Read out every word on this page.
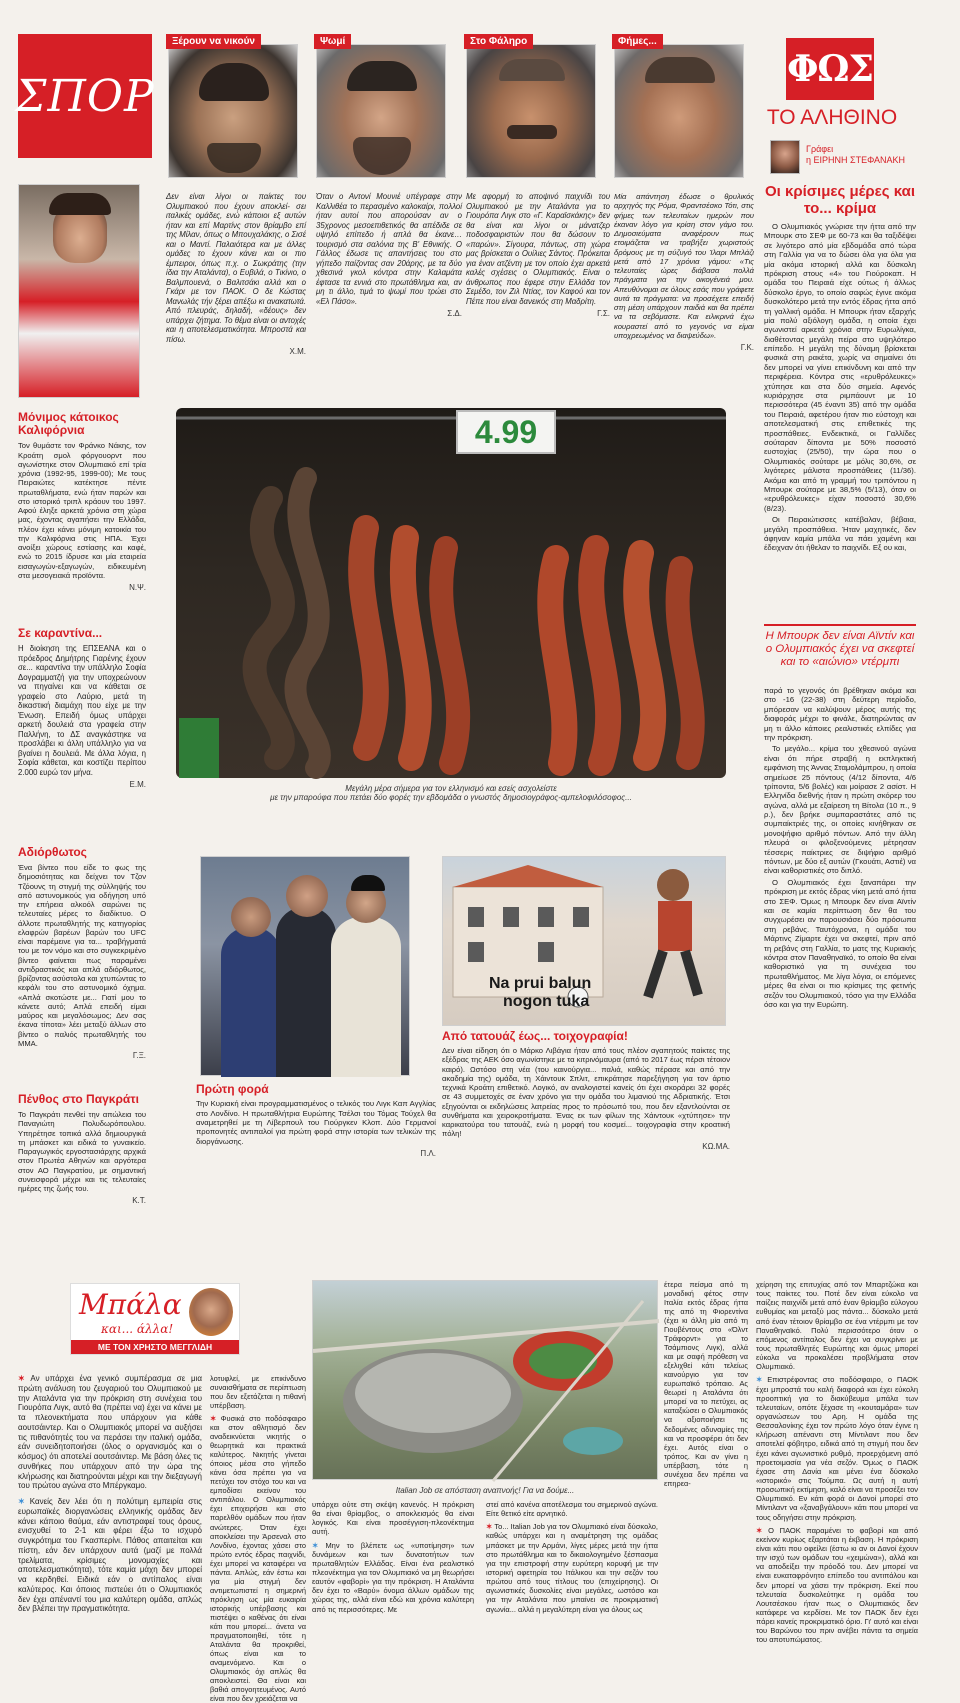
ΣΠΟΡ
Ξέρουν να νικούν	Ψωμί	Στο Φάληρο	Φήμες...
ΦΩΣ
ΤΟ ΑΛΗΘΙΝΟ
Γράφει
η ΕΙΡΗΝΗ ΣΤΕΦΑΝΑΚΗ
Μόνιμος κάτοικος Καλιφόρνια
Τον θυμάστε τον Φράνκο Νάκης, τον Κροάτη σμολ φόργουορντ που αγωνίστηκε στον Ολυμπιακό επί τρία χρόνια (1992-95, 1999-00); Με τους Πειραιώτες κατέκτησε πέντε πρωταθλήματα, ενώ ήταν παρών και στο ιστορικό τριπλ κράουν του 1997. Αφού έληξε αρκετά χρόνια στη χώρα μας, έχοντας αγαπήσει την Ελλάδα, πλέον έχει κάνει μόνιμη κατοικία του την Καλιφόρνια στις ΗΠΑ. Έχει ανοίξει χώρους εστίασης και καφέ, ενώ το 2015 ίδρυσε και μία εταιρεία εισαγωγών-εξαγωγών, ειδικευμένη στα μεσογειακά προϊόντα.
Ν.Ψ.
Σε καραντίνα...
Η διοίκηση της ΕΠΣΕΑΝΑ και ο πρόεδρος Δημήτρης Γιαρένης έχουν σε... καραντίνα την υπάλληλο Σοφία Δογραμματζή για την υποχρεώνουν να πηγαίνει και να κάθεται σε γραφείο στο Λαύριο, μετά τη δικαστική διαμάχη που είχε με την Ένωση. Επειδή όμως υπάρχει αρκετή δουλειά στα γραφεία στην Παλλήνη, το ΔΣ αναγκάστηκε να προσλάβει κι άλλη υπάλληλο για να βγαίνει η δουλειά. Με άλλα λόγια, η Σοφία κάθεται, και κοστίζει περίπου 2.000 ευρώ τον μήνα.
Ε.Μ.
Αδιόρθωτος
Ένα βίντεο που είδε το φως της δημοσιότητας και δείχνει τον Τζον Τζόουνς τη στιγμή της σύλληψής του από αστυνομικούς για οδήγηση υπό την επήρεια αλκοόλ σαρώνει τις τελευταίες μέρες το διαδίκτυο. Ο άλλοτε πρωταθλητής της κατηγορίας ελαφρών βαρέων βαρών του UFC είναι παρέμεινε για τα... τραβήγματά του με τον νόμο και στο συγκεκριμένο βίντεο φαίνεται πως παραμένει αντιδραστικός και απλά αδιόρθωτος, βρίζοντας ασύστολα και χτυπώντας το κεφάλι του στο αστυνομικό όχημα. «Απλά σκοτώστε με... Γιατί μου το κάνετε αυτό; Απλά επειδή είμαι μαύρος και μεγαλόσωμος; Δεν σας έκανα τίποτα» λέει μεταξύ άλλων στο βίντεο ο παλιός πρωταθλητής του ΜΜΑ.
Γ.Ξ.
Πένθος στο Παγκράτι
Το Παγκράτι πενθεί την απώλεια του Παναγιώτη Πολυδωρόπουλου. Υπηρέτησε τοπικά αλλά δημιουργικά τη μπάσκετ και ειδικά το γυναικείο. Παραγωγικός εργοστασιάρχης αρχικά στον Πρωτέα Αθηνών και αργότερα στον ΑΟ Παγκρατίου, με σημαντική συνεισφορά μέχρι και τις τελευταίες ημέρες της ζωής του.
Κ.Τ.
Δεν είναι λίγοι οι παίκτες του Ολυμπιακού που έχουν αποκλεί- σει ιταλικές ομάδες, ενώ κάποιοι εξ αυτών ήταν και επί Μαρτίνς στον θρίαμβο επί της Μίλαν, όπως ο Μπουχαλάκης, ο Σισέ και ο Μαντί. Παλαιότερα και με άλλες ομάδες το έχουν κάνει και οι πιο έμπειροι, όπως π.χ. ο Σωκράτης (την ίδια την Αταλάντα), ο Ευβιλά, ο Τικίνιο, ο Βαλμπουενά, ο Βαλιτσάκι αλλά και ο Γκάρι με τον ΠΑΟΚ. Ο δε Κώστας Μανωλάς τήν ξέρει απέξω κι ανακατωτά. Από πλευράς, δηλαδή, «δέους» δεν υπάρχει ζήτημα. Το θέμα είναι οι αντοχές και η αποτελεσματικότητα. Μπροστά και πίσω.
Χ.Μ.
Όταν ο Αντονί Μουνιέ υπέγραφε στην Καλλιθέα το περασμένο καλοκαίρι, πολλοί ήταν αυτοί που απορούσαν αν ο 35χρονος μεσοεπιθετικός θα απέδιδε σε υψηλό επίπεδο ή απλά θα έκανε… τουρισμό στα σαλόνια της Β' Εθνικής. Ο Γάλλος έδωσε τις απαντήσεις του στο γήπεδο παίζοντας σαν 20άρης, με τα δύο χθεσινά γκολ κόντρα στην Καλαμάτα έφτασε τα εννιά στο πρωτάθλημα και, αν μη τι άλλο, τιμά το ψωμί που τρώει στο «Ελ Πάσο».
Σ.Δ.
Με αφορμή το αποψινό παιχνίδι του Ολυμπιακού με την Αταλάντα για το Γιουρόπα Λιγκ στο «Γ. Καραϊσκάκης» δεν θα είναι και λίγοι οι μάνατζερ ποδοσφαιριστών που θα δώσουν το «παρών». Σίγουρα, πάντως, στη χώρα μας βρίσκεται ο Ουίλιες Σάντος. Πρόκειται για έναν ατζέντη με τον οποίο έχει αρκετά καλές σχέσεις ο Ολυμπιακός. Είναι ο άνθρωπος που έφερε στην Ελλάδα τον Σεμέδο, τον Ζιλ Ντίας, τον Καφού και τον Πέπε που είναι δανεικός στη Μαδρίτη.
Γ.Σ.
Μία απάντηση έδωσε ο θρυλικός αρχηγός της Ρόμα, Φραντσέσκο Τότι, στις φήμες των τελευταίων ημερών που έκαναν λόγο για κρίση στον γάμο του. Δημοσιεύματα αναφέρουν πως ετοιμάζεται να τραβήξει χωριστούς δρόμους με τη σύζυγό του Ίλαρι Μπλάζι μετά από 17 χρόνια γάμου: «Τις τελευταίες ώρες διάβασα πολλά πράγματα για την οικογένειά μου. Απευθύνομαι σε όλους εσάς που γράφετε αυτά τα πράγματα: να προσέχετε επειδή στη μέση υπάρχουν παιδιά και θα πρέπει να τα σεβόμαστε. Και ειλικρινά έχω κουραστεί από το γεγονός να είμαι υποχρεωμένος να διαψεύδω».
Γ.Κ.
4.99
Μεγάλη μέρα σήμερα για τον ελληνισμό και εσείς ασχολείστε
με την μπαρούφα που πετάει δύο φορές την εβδομάδα ο γνωστός δημοσιογράφος-αμπελοφιλόσοφος...
Οι κρίσιμες μέρες και το... κρίμα
Ο Ολυμπιακός γνώρισε την ήττα από την Μπουρκ στο ΣΕΦ με 60-73 και θα ταξιδέψει σε λιγότερο από μία εβδομάδα από τώρα στη Γαλλία για να το δώσει όλα για όλα για μία ακόμα ιστορική αλλά και δύσκολη πρόκριση στους «4» του Γιούροκαπ. Η ομάδα του Πειραιά είχε ούτως ή άλλως δύσκολο έργο, το οποίο σαφώς έγινε ακόμα δυσκολότερο μετά την εντός έδρας ήττα από τη γαλλική ομάδα. Η Μπουρκ ήταν εξαρχής μία πολύ αξιόλογη ομάδα, η οποία έχει αγωνιστεί αρκετά χρόνια στην Ευρωλίγκα, διαθέτοντας μεγάλη πείρα στο υψηλότερο επίπεδο. Η μεγάλη της δύναμη βρίσκεται φυσικά στη ρακέτα, χωρίς να σημαίνει ότι δεν μπορεί να γίνει επικίνδυνη και από την περιφέρεια. Κόντρα στις «ερυθρόλευκες» χτύπησε και στα δύο σημεία. Αφενός κυριάρχησε στα ριμπάουντ με 10 περισσότερα (45 έναντι 35) από την ομάδα του Πειραιά, αφετέρου ήταν πιο εύστοχη και αποτελεσματική στις επιθετικές της προσπάθειες. Ενδεικτικά, οι Γαλλίδες σούταραν δίποντα με 50% ποσοστό ευστοχίας (25/50), την ώρα που ο Ολυμπιακός σούταρε με μόλις 30,6%, σε λιγότερες μάλιστα προσπάθειες (11/36). Ακόμα και από τη γραμμή του τριπόντου η Μπουρκ σούταρε με 38,5% (5/13), όταν οι «ερυθρόλευκες» είχαν ποσοστό 30,6% (8/23).
Οι Πειραιώτισσες κατέβαλαν, βέβαια, μεγάλη προσπάθεια. Ήταν μαχητικές, δεν άφηναν καμία μπάλα να πάει χαμένη και έδειχναν ότι ήθελαν το παιχνίδι. Εξ ου και,
Η Μπουρκ δεν είναι Αϊντίν και ο Ολυμπιακός έχει να σκεφτεί και το «αιώνιο» ντέρμπι
παρά το γεγονός ότι βρέθηκαν ακόμα και στο -16 (22-38) στη δεύτερη περίοδο, μπόρεσαν να καλύψουν μέρος αυτής της διαφοράς μέχρι το φινάλε, διατηρώντας αν μη τι άλλο κάποιες ρεαλιστικές ελπίδες για την πρόκριση.
Το μεγάλο... κρίμα του χθεσινού αγώνα είναι ότι πήρε στραβή η εκπληκτική εμφάνιση της Άννας Σταμολάμπρου, η οποία σημείωσε 25 πόντους (4/12 δίποντα, 4/6 τρίποντα, 5/6 βολές) και μοίρασε 2 ασίστ. Η Ελληνίδα διεθνής ήταν η πρώτη σκόρερ του αγώνα, αλλά με εξαίρεση τη Βίτολα (10 π., 9 ρ.), δεν βρήκε συμπαραστάτες από τις συμπαίκτριές της, οι οποίες κινήθηκαν σε μονοψήφιο αριθμό πόντων. Από την άλλη πλευρά οι φιλοξενούμενες μέτρησαν τέσσερις παίκτριες σε διψήφιο αριθμό πόντων, με δύο εξ αυτών (Γκουάτι, Αστιέ) να είναι καθοριστικές στο διπλό.
Ο Ολυμπιακός έχει ξαναπάρει την πρόκριση με εκτός έδρας νίκη μετά από ήττα στο ΣΕΦ. Όμως η Μπουρκ δεν είναι Αϊντίν και σε καμία περίπτωση δεν θα του συγχωρέσει αν παρουσιάσει δύο πρόσωπα στη ρεβάνς. Ταυτόχρονα, η ομάδα του Μάρτινς Ζίμαρτε έχει να σκεφτεί, πριν από τη ρεβάνς στη Γαλλία, το ματς της Κυριακής κόντρα στον Παναθηναϊκό, το οποίο θα είναι καθοριστικό για τη συνέχεια του πρωταθλήματος. Με λίγα λόγια, οι επόμενες μέρες θα είναι οι πιο κρίσιμες της φετινής σεζόν του Ολυμπιακού, τόσο για την Ελλάδα όσο και για την Ευρώπη.
Πρώτη φορά
Την Κυριακή είναι προγραμματισμένος ο τελικός του Λιγκ Καπ Αγγλίας στο Λονδίνο. Η πρωταθλήτρια Ευρώπης Τσέλσι του Τόμας Τούχελ θα αναμετρηθεί με τη Λίβερπουλ του Γιούργκεν Κλοπ. Δύο Γερμανοί προπονητές αντιπαλοί για πρώτη φορά στην ιστορία των τελικών της διοργάνωσης.
Π.Λ.
Na prui balun
nogon tuka
Από τατουάζ έως... τοιχογραφία!
Δεν είναι είδηση ότι ο Μάρκο Λιβάγια ήταν από τους πλέον αγαπητούς παίκτες της εξέδρας της ΑΕΚ όσο αγωνίστηκε με τα κιτρινόμαυρα (από το 2017 έως πέρσι τέτοιον καιρό). Ωστόσο στη νέα (του καινούργια... παλιά, καθώς πέρασε και από την ακαδημία της) ομάδα, τη Χάιντουκ Σπλιτ, επικράτησε παρεξήγηση για τον άρτιο τεχνικά Κροάτη επιθετικό. Λογικό, αν αναλογιστεί κανείς ότι έχει σκοράρει 32 φορές σε 43 συμμετοχές σε έναν χρόνο για την ομάδα του λιμανιού της Αδριατικής. Έτσι εξηγούνται οι εκδηλώσεις λατρείας προς το πρόσωπό του, που δεν εξαντλούνται σε συνθήματα και χειροκροτήματα. Ένας εκ των φίλων της Χάιντουκ «χτύπησε» την καρικατούρα του τατουάζ, ενώ η μορφή του κοσμεί... τοιχογραφία στην κροατική πόλη!
ΚΩ.ΜΑ.
Μπάλα
και... άλλα!
ΜΕ ΤΟΝ ΧΡΗΣΤΟ ΜΕΓΓΛΙΔΗ
Italian Job σε απόσταση αναπνοής! Για να δούμε...
✶ Αν υπάρχει ένα γενικό συμπέρασμα σε μια πρώτη ανάλυση του ζευγαριού του Ολυμπιακού με την Αταλάντα για την πρόκριση στη συνέχεια του Γιουρόπα Λιγκ, αυτό θα (πρέπει να) έχει να κάνει με τα πλεονεκτήματα που υπάρχουν για κάθε αουτσάιντερ. Και ο Ολυμπιακός μπορεί να αυξήσει τις πιθανότητές του να περάσει την ιταλική ομάδα, εάν συνειδητοποιήσει (όλος ο οργανισμός και ο κόσμος) ότι αποτελεί αουτσάιντερ. Με βάση όλες τις συνθήκες που υπάρχουν από την ώρα της κλήρωσης και διατηρούνται μέχρι και την διεξαγωγή του πρώτου αγώνα στο Μπέργκαμο.
✶ Κανείς δεν λέει ότι η πολύτιμη εμπειρία στις ευρωπαϊκές διοργανώσεις ελληνικής ομάδας δεν κάνει κάποιο θαύμα, εάν αντιστραφεί τους όρους, ενισχυθεί το 2-1 και φέρει έξω το ισχυρό συγκρότημα του Γκασπερίνι. Πάθος απαιτείται και πίστη, εάν δεν υπάρχουν αυτά (μαζί με πολλά τρελίματα, κρίσιμες μονομαχίες και αποτελεσματικότητα), τότε καμία μάχη δεν μπορεί να κερδηθεί. Ειδικά εάν ο αντίπαλος είναι καλύτερος. Και όποιος πιστεύει ότι ο Ολυμπιακός δεν έχει απέναντί του μια καλύτερη ομάδα, απλώς δεν βλέπει την πραγματικότητα.
λοτυφλεί, με επικίνδυνο συναισθήματα σε περίπτωση που δεν εξετάζεται η πιθανή υπέρβαση.
✶ Φυσικά στο ποδόσφαιρο και στον αθλητισμό δεν αναδεικνύεται νικητής ο θεωρητικά και πρακτικά καλύτερος. Νικητής γίνεται όποιος μέσα στο γήπεδο κάνει όσα πρέπει για να πετύχει τον στόχο του και να εμποδίσει εκείνον του αντιπάλου. Ο Ολυμπιακός έχει επιχειρήσει και στο παρελθόν ομάδων που ήταν ανώτερες. Όταν έχει αποκλείσει την Άρσεναλ στο Λονδίνο, έχοντας χάσει στο πρώτο εντός έδρας παιχνίδι, έχει μπορεί να καταφέρει να πάντα. Απλώς, εάν έστω και για μία στιγμή δεν αντιμετωπιστεί η σημερινή πρόκληση ως μία ευκαιρία ιστορικής υπέρβασης και πιστέψει ο καθένας ότι είναι κάτι που μπορεί... άνετα να πραγματοποιηθεί, τότε η Αταλάντα θα προκριθεί, όπως είναι και το αναμενόμενο. Και ο Ολυμπιακός όχι απλώς θα αποκλειστεί. Θα είναι και βαθιά απογοητευμένος. Αυτό είναι που δεν χρειάζεται να
υπάρχει ούτε στη σκέψη κανενός. Η πρόκριση θα είναι θρίαμβος, ο αποκλεισμός θα είναι λογικός. Και είναι προσέγγιση-πλεονέκτημα αυτή.
✶ Μην το βλέπετε ως «υποτίμηση» των δυνάμεων και των δυνατοτήτων των πρωταθλητών Ελλάδας. Είναι ένα ρεαλιστικό πλεονέκτημα για τον Ολυμπιακό να μη θεωρήσει εαυτόν «φαβορί» για την πρόκριση. Η Αταλάντα δεν έχει το «Βαρύ» όνομα άλλων ομάδων της χώρας της, αλλά είναι εδώ και χρόνια καλύτερη από τις περισσότερες. Με
στεί από κανένα αποτέλεσμα του σημερινού αγώνα. Είτε θετικό είτε αρνητικό.
✶ Το... Italian Job για τον Ολυμπιακό είναι δύσκολο, καθώς υπάρχει και η αναμέτρηση της ομάδας μπάσκετ με την Αρμάνι, λίγες μέρες μετά την ήττα στο πρωτάθλημα και το δικαιολογημένο ξέσπασμα για την επιστροφή στην ευρύτερη κορυφή με την ιστορική αφετηρία του Ιτάλικου και την σεζόν του πρώτου από τους τίτλους του (επιχείρησης). Οι αγωνιστικές δυσκολίες είναι μεγάλες, ωστόσο και για την Αταλάντα που μπαίνει σε προκριματική αγωνία... αλλά η μεγαλύτερη είναι για όλους ως
έτερα πείσμα από τη μοναδική φέτος στην Ιταλία εκτός έδρας ήττα της από τη Φιορεντίνα (έχει κι άλλη μία από τη Γιουβέντους στο «Όλντ Τράφορντ» για το Τσάμπιονς Λιγκ), αλλά και με σαφή πρόθεση να εξελιχθεί κάτι τελείως καινούργιο για τον ευρωπαϊκό τρόπαιο. Ας θεωρεί η Αταλάντα ότι μπορεί να το πετύχει, ας καταξιώσει ο Ολυμπιακός να αξιοποιήσει τις δεδομένες αδυναμίες της και να προσφέρει ότι δεν έχει. Αυτός είναι ο τρόπος. Και αν γίνει η υπέρβαση, τότε η συνέχεια δεν πρέπει να επηρεα-
χείρηση της επιτυχίας από τον Μπαρτζώκα και τους παίκτες του. Ποτέ δεν είναι εύκολο να παίζεις παιχνίδι μετά από έναν θρίαμβο εύλογου ευθυμίας και μεταξύ μας πάντα... δύσκολο μετά από έναν τέτοιον θρίαμβο σε ένα ντέρμπι με τον Παναθηναϊκό. Πολύ περισσότερο όταν ο επόμενος αντίπαλος δεν έχει να συγκρίνει με τους πρωταθλητές Ευρώπης και όμως μπορεί εύκολα να προκαλέσει προβλήματα στον Ολυμπιακό.
✶ Επιστρέφοντας στο ποδόσφαιρο, ο ΠΑΟΚ έχει μπροστά του καλή διαφορά και έχει εύκολη προοπτική για το διακύβευμα μπάλα των τελευταίων, οπότε ξέχασε τη «κουταμάρα» των οργανώσεων του Αρη. Η ομάδα της Θεσσαλονίκης έχει τον πρώτο λόγο όταν έγινε η κλήρωση απέναντι στη Μίντιλαντ που δεν αποτελεί φόβητρο, ειδικά από τη στιγμή που δεν έχει κάνει αγωνιστικό ρυθμό, προερχόμενη από προετοιμασία για νέα σεζόν. Όμως ο ΠΑΟΚ έχασε στη Δανία και μένει ένα δύσκολο «ιστορικό» στις Τούμπα. Ως αυτή η αυτή προσωπική εκτίμηση, καλό είναι να προσέξει τον Ολυμπιακό. Εν κάτι φορά οι Δανοί μπορεί στο Μίντιλαντ να «ξαναβγάλουν» κάτι που μπορεί να τους οδηγήσει στην πρόκριση.
✶ Ο ΠΑΟΚ παραμένει το φαβορί και από εκείνον κυρίως εξαρτάται η έκβαση. Η πρόκριση είναι κάτι που οφείλει (έστω κι αν οι Δανοί έχουν την ισχύ των ομάδων του «χειμώνα»), αλλά και να αποδείξει την πρόοδό του. Δεν μπορεί να είναι ευκαταφρόνητο επίπεδο του αντιπάλου και δεν μπορεί να χάσει την πρόκριση. Εκεί που τελευταία δυσκολεύτηκε η ομάδα του Λουτσέσκου ήταν πως ο Ολυμπιακός δεν κατάφερε να κερδίσει. Με τον ΠΑΟΚ δεν έχει πάρει κανείς προκριματικό όριο. Γι' αυτό και είναι του Βαρώνου του πριν ανέβει πάντα τα σημεία του αποτυπώματος.
